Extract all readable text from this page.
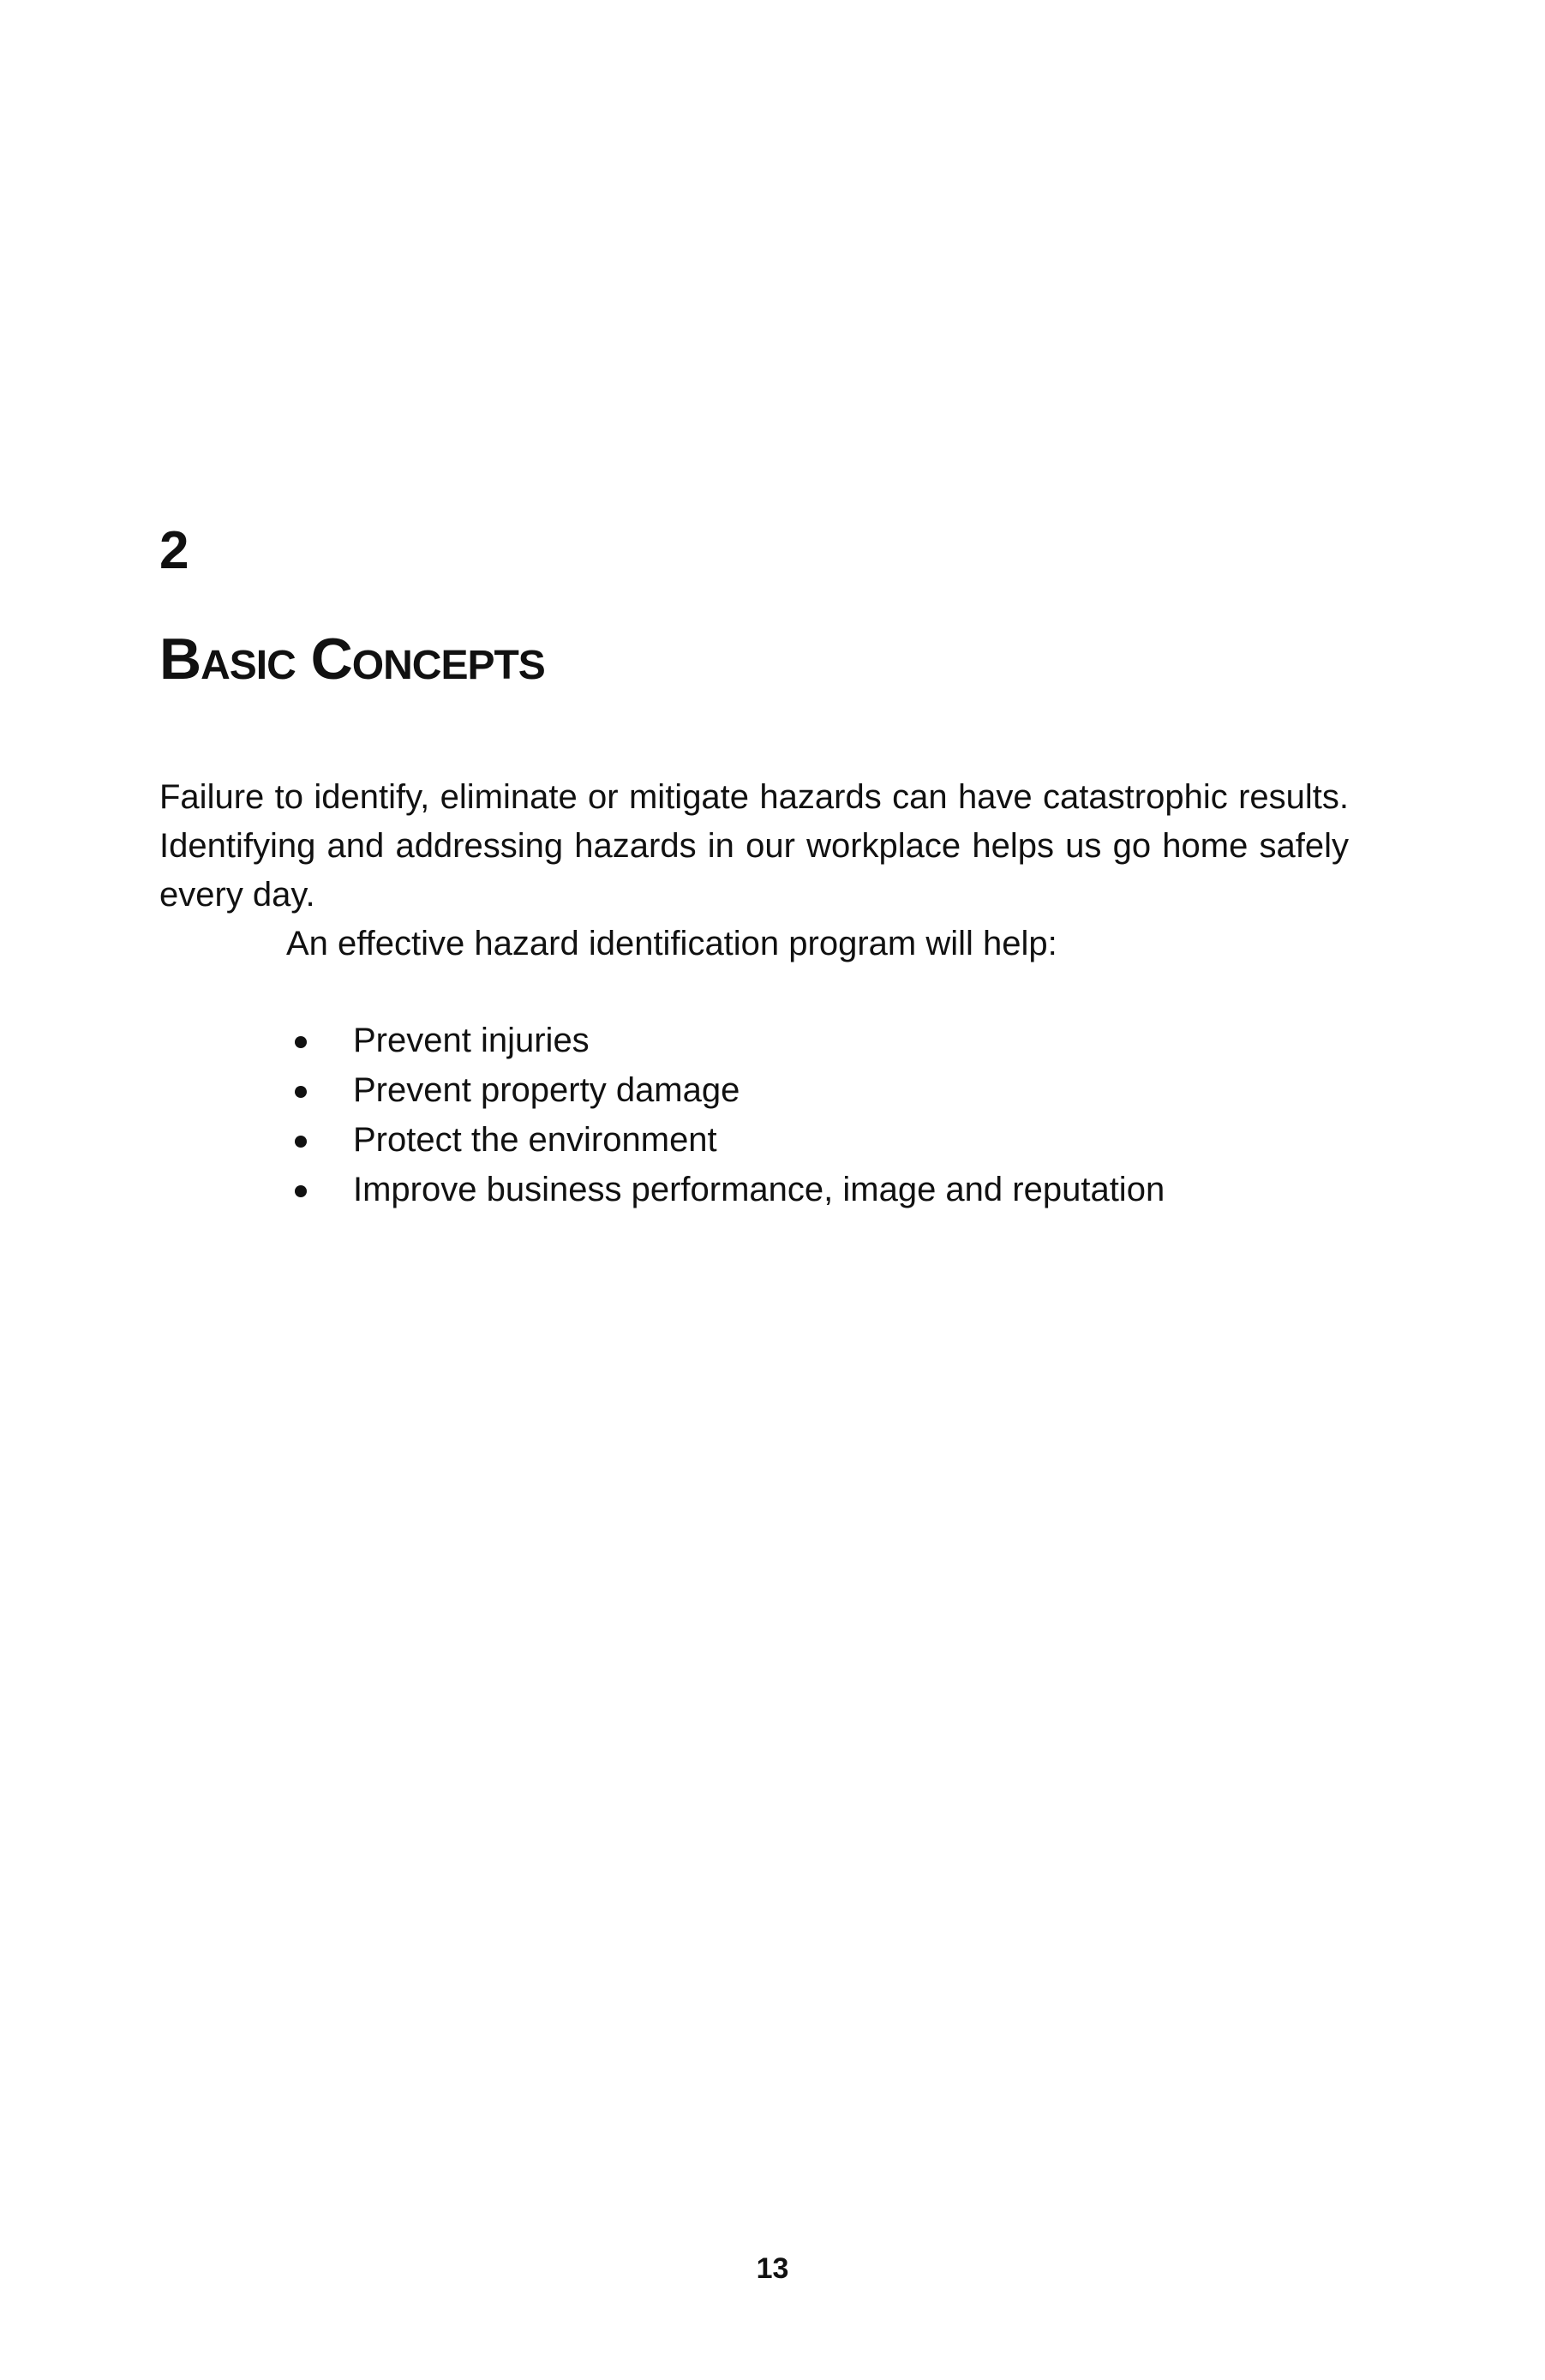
2
Basic Concepts

Failure to identify, eliminate or mitigate hazards can have catastrophic results. Identifying and addressing hazards in our workplace helps us go home safely every day.

An effective hazard identification program will help:

Prevent injuries
Prevent property damage
Protect the environment
Improve business performance, image and reputation
13
